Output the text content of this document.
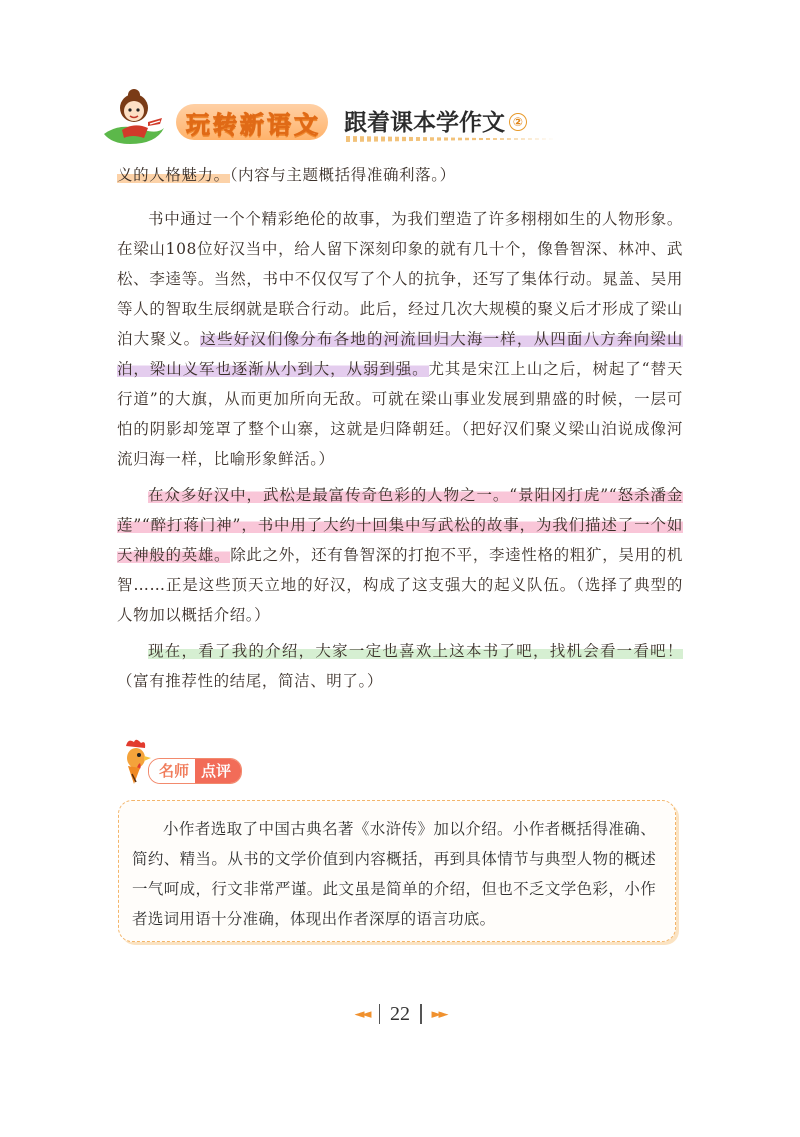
玩 转 新 语 文 跟着课本学作文 ②

义的人格魅力。（内容与主题概括得准确利落。）

书中通过一个个精彩绝伦的故事，为我们塑造了许多栩栩如生的人物形象。在梁山108位好汉当中，给人留下深刻印象的就有几十个，像鲁智深、林冲、武松、李逵等。当然，书中不仅仅写了个人的抗争，还写了集体行动。晁盖、吴用等人的智取生辰纲就是联合行动。此后，经过几次大规模的聚义后才形成了梁山泊大聚义。这些好汉们像分布各地的河流回归大海一样，从四面八方奔向梁山泊，梁山义军也逐渐从小到大，从弱到强。尤其是宋江上山之后，树起了“替天行道”的大旗，从而更加所向无敌。可就在梁山事业发展到鼎盛的时候，一层可怕的阴影却笼罩了整个山寨，这就是归降朝廷。（把好汉们聚义梁山泊说成像河流归海一样，比喻形象鲜活。）

在众多好汉中，武松是最富传奇色彩的人物之一。“景阳冈打虎”“怒杀潘金莲”“醉打蒋门神”，书中用了大约十回集中写武松的故事，为我们描述了一个如天神般的英雄。除此之外，还有鲁智深的打抱不平，李逵性格的粗犷，吴用的机智……正是这些顶天立地的好汉，构成了这支强大的起义队伍。（选择了典型的人物加以概括介绍。）

现在，看了我的介绍，大家一定也喜欢上这本书了吧，找机会看一看吧！（富有推荐性的结尾，简洁、明了。）

名师 点评

小作者选取了中国古典名著《水浒传》加以介绍。小作者概括得准确、简约、精当。从书的文学价值到内容概括，再到具体情节与典型人物的概述一气呵成，行文非常严谨。此文虽是简单的介绍，但也不乏文学色彩，小作者选词用语十分准确，体现出作者深厚的语言功底。

◄◄ 22 ►►
